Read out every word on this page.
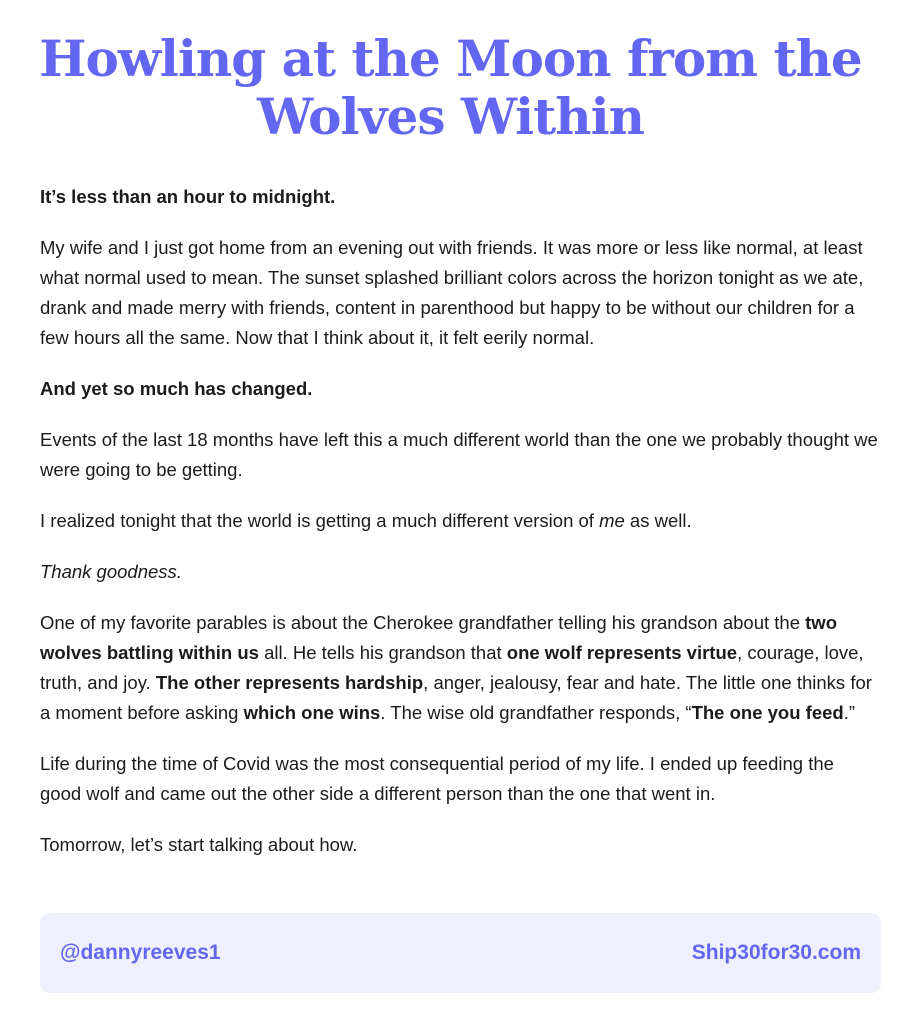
Howling at the Moon from the Wolves Within

It’s less than an hour to midnight.

My wife and I just got home from an evening out with friends. It was more or less like normal, at least what normal used to mean. The sunset splashed brilliant colors across the horizon tonight as we ate, drank and made merry with friends, content in parenthood but happy to be without our children for a few hours all the same. Now that I think about it, it felt eerily normal.

And yet so much has changed.

Events of the last 18 months have left this a much different world than the one we probably thought we were going to be getting.

I realized tonight that the world is getting a much different version of me as well.

Thank goodness.

One of my favorite parables is about the Cherokee grandfather telling his grandson about the two wolves battling within us all. He tells his grandson that one wolf represents virtue, courage, love, truth, and joy. The other represents hardship, anger, jealousy, fear and hate. The little one thinks for a moment before asking which one wins. The wise old grandfather responds, “The one you feed.”

Life during the time of Covid was the most consequential period of my life. I ended up feeding the good wolf and came out the other side a different person than the one that went in.

Tomorrow, let’s start talking about how.

@dannyreeves1	Ship30for30.com
